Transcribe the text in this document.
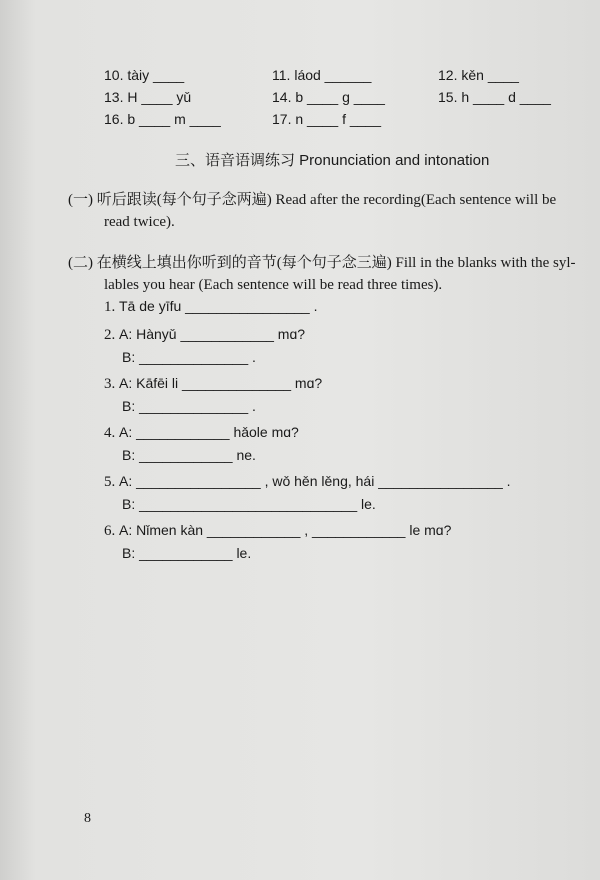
10. tàiy ____	11. láod ______	12. kěn ____
13. H ____ yǔ	14. b ____ g ____	15. h ____ d ____
16. b ____ m ____	17. n ____ f ____
三、语音语调练习 Pronunciation and intonation
(一) 听后跟读(每个句子念两遍) Read after the recording(Each sentence will be
read twice).
(二) 在横线上填出你听到的音节(每个句子念三遍) Fill in the blanks with the syl-
lables you hear (Each sentence will be read three times).
1. Tā de yīfu ________________ .
2. A: Hànyǔ ____________ mɑ?
B: ______________ .
3. A: Kāfēi li ______________ mɑ?
B: ______________ .
4. A: ____________ hǎole mɑ?
B: ____________ ne.
5. A: ________________ , wǒ hěn lěng, hái ________________ .
B: ____________________________ le.
6. A: Nǐmen kàn ____________ , ____________ le mɑ?
B: ____________ le.
8
